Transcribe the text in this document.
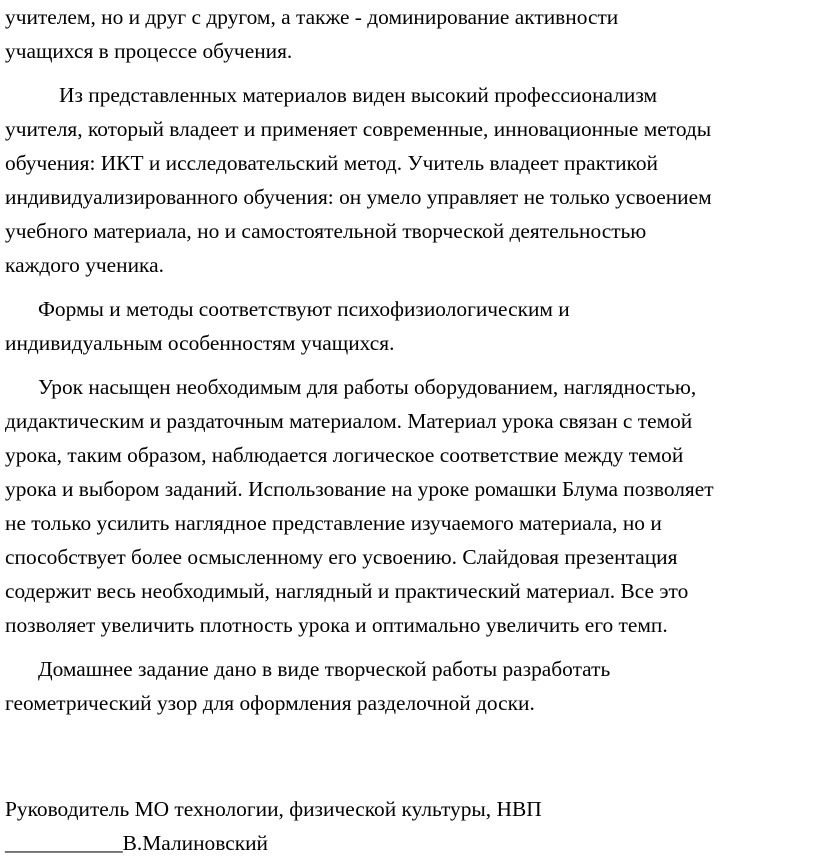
учителем, но и друг с другом, а также - доминирование активности
учащихся в процессе обучения.
Из представленных материалов виден высокий профессионализм
учителя, который владеет и применяет современные, инновационные методы
обучения: ИКТ и исследовательский метод. Учитель владеет практикой
индивидуализированного обучения: он умело управляет не только усвоением
учебного материала, но и самостоятельной творческой деятельностью
каждого ученика.
Формы и методы соответствуют психофизиологическим и
индивидуальным особенностям учащихся.
Урок насыщен необходимым для работы оборудованием, наглядностью,
дидактическим и раздаточным материалом. Материал урока связан с темой
урока, таким образом, наблюдается логическое соответствие между темой
урока и выбором заданий. Использование на уроке ромашки Блума позволяет
не только усилить наглядное представление изучаемого материала, но и
способствует более осмысленному его усвоению. Слайдовая презентация
содержит весь необходимый, наглядный и практический материал. Все это
позволяет увеличить плотность урока и оптимально увеличить его темп.
Домашнее задание дано в виде творческой работы разработать
геометрический узор для оформления разделочной доски.
Руководитель МО технологии, физической культуры, НВП
___________В.Малиновский
